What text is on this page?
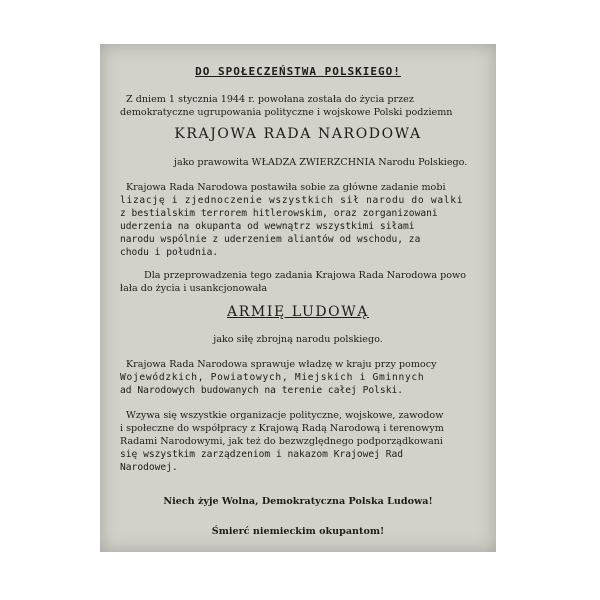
DO SPOŁECZEŃSTWA POLSKIEGO!
Z dniem 1 stycznia 1944 r. powołana została do życia przez
demokratyczne ugrupowania polityczne i wojskowe Polski podziemn
KRAJOWA RADA NARODOWA
jako prawowita WŁADZA ZWIERZCHNIA Narodu Polskiego.
Krajowa Rada Narodowa postawiła sobie za główne zadanie mobi
lizację i zjednoczenie wszystkich sił narodu do walki
z bestialskim terrorem hitlerowskim, oraz zorganizowani
uderzenia na okupanta od wewnątrz wszystkimi siłami
narodu wspólnie z uderzeniem aliantów od wschodu, za
chodu i południa.
Dla przeprowadzenia tego zadania Krajowa Rada Narodowa powo
łała do życia i usankcjonowała
ARMIĘ LUDOWĄ
jako siłę zbrojną narodu polskiego.
Krajowa Rada Narodowa sprawuje władzę w kraju przy pomocy
Wojewódzkich, Powiatowych, Miejskich i Gminnych
ad Narodowych budowanych na terenie całej Polski.
Wzywa się wszystkie organizacje polityczne, wojskowe, zawodow
i społeczne do współpracy z Krajową Radą Narodową i terenowym
Radami Narodowymi, jak też do bezwzględnego podporządkowani
się wszystkim zarządzeniom i nakazom Krajowej Rad
Narodowej.
Niech żyje Wolna, Demokratyczna Polska Ludowa!
Śmierć niemieckim okupantom!
